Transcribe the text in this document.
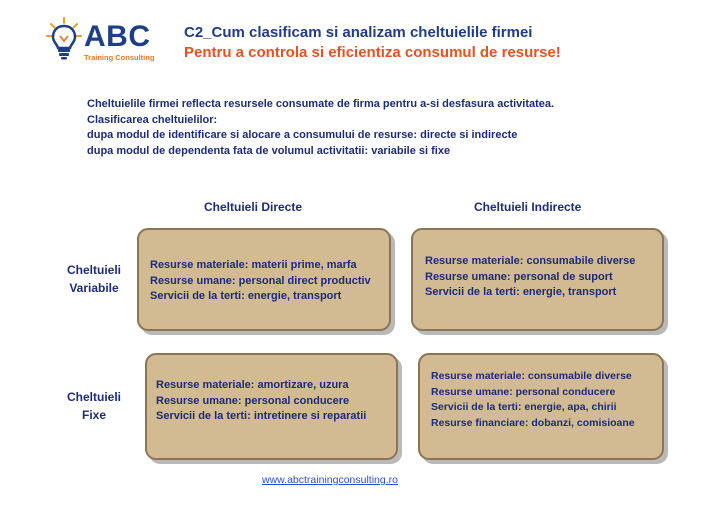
ABC
Training Consulting
C2_Cum clasificam si analizam cheltuielile firmei
Pentru a controla si eficientiza consumul de resurse!
Cheltuielile firmei reflecta resursele consumate de firma pentru a-si desfasura activitatea.
Clasificarea cheltuielilor:
dupa modul de identificare si alocare a consumului de resurse: directe si indirecte
dupa modul de dependenta fata de volumul activitatii: variabile si fixe
Cheltuieli Directe	Cheltuieli Indirecte
Cheltuieli
Variabile
Cheltuieli
Fixe
Resurse materiale: materii prime, marfa
Resurse umane: personal direct productiv
Servicii de la terti: energie, transport
Resurse materiale: consumabile diverse
Resurse umane: personal de suport
Servicii de la terti: energie, transport
Resurse materiale: amortizare, uzura
Resurse umane: personal conducere
Servicii de la terti: intretinere si reparatii
Resurse materiale: consumabile diverse
Resurse umane: personal conducere
Servicii de la terti: energie, apa, chirii
Resurse financiare: dobanzi, comisioane
www.abctrainingconsulting.ro
